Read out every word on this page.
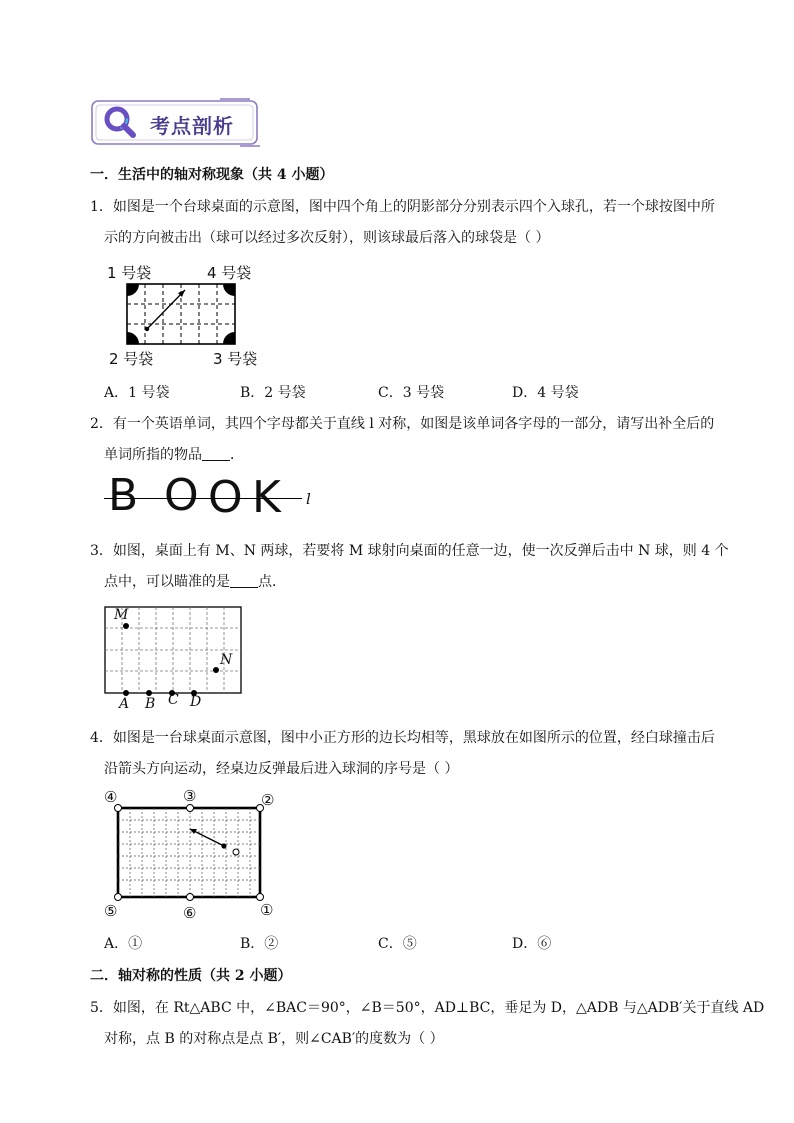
考点剖析
一．生活中的轴对称现象（共 4 小题）
1．如图是一个台球桌面的示意图，图中四个角上的阴影部分分别表示四个入球孔，若一个球按图中所
示的方向被击出（球可以经过多次反射），则该球最后落入的球袋是（ ）
1 号袋	4 号袋
2 号袋	3 号袋
A．1 号袋	B．2 号袋	C．3 号袋	D．4 号袋
2．有一个英语单词，其四个字母都关于直线 l 对称，如图是该单词各字母的一部分，请写出补全后的
单词所指的物品 ．
B O O K l
3．如图，桌面上有 M、N 两球，若要将 M 球射向桌面的任意一边，使一次反弹后击中 N 球，则 4 个
点中，可以瞄准的是 点．
M
N
A B C D
4．如图是一台球桌面示意图，图中小正方形的边长均相等，黑球放在如图所示的位置，经白球撞击后
沿箭头方向运动，经桌边反弹最后进入球洞的序号是（ ）
④	③	②
⑤	⑥	①
A．①	B．②	C．⑤	D．⑥
二．轴对称的性质（共 2 小题）
5．如图，在 Rt△ABC 中，∠BAC＝90°，∠B＝50°，AD⊥BC，垂足为 D，△ADB 与△ADB′关于直线 AD
对称，点 B 的对称点是点 B′，则∠CAB′的度数为（ ）
